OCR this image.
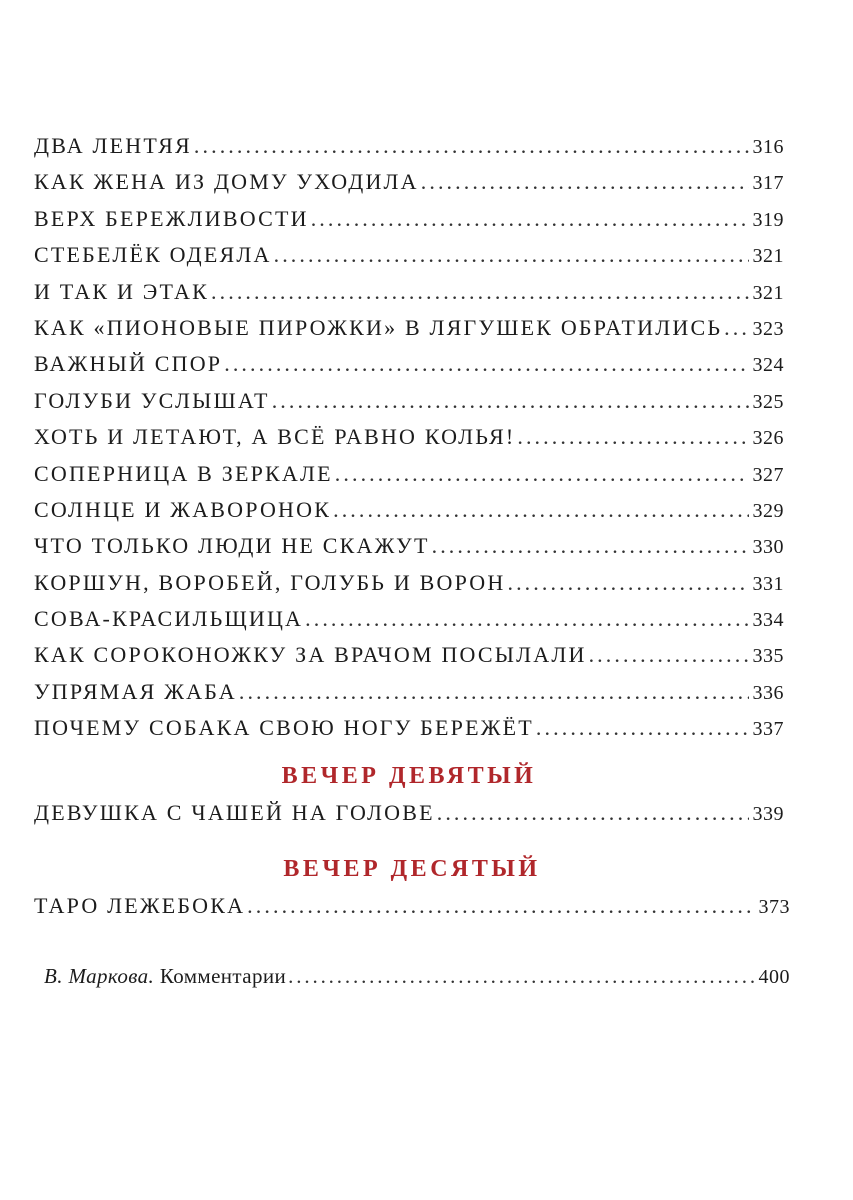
ДВА ЛЕНТЯЯ . . .	316
КАК ЖЕНА ИЗ ДОМУ УХОДИЛА . . .	317
ВЕРХ БЕРЕЖЛИВОСТИ . . .	319
СТЕБЕЛЁК ОДЕЯЛА . . .	321
И ТАК И ЭТАК . . .	321
КАК «ПИОНОВЫЕ ПИРОЖКИ» В ЛЯГУШЕК ОБРАТИЛИСЬ . . . 323
ВАЖНЫЙ СПОР . . .	324
ГОЛУБИ УСЛЫШАТ . . .	325
ХОТЬ И ЛЕТАЮТ, А ВСЁ РАВНО КОЛЬЯ! . . .	326
СОПЕРНИЦА В ЗЕРКАЛЕ . . .	327
СОЛНЦЕ И ЖАВОРОНОК . . .	329
ЧТО ТОЛЬКО ЛЮДИ НЕ СКАЖУТ . . .	330
КОРШУН, ВОРОБЕЙ, ГОЛУБЬ И ВОРОН . . .	331
СОВА-КРАСИЛЬЩИЦА . . .	334
КАК СОРОКОНОЖКУ ЗА ВРАЧОМ ПОСЫЛАЛИ . . .	335
УПРЯМАЯ ЖАБА . . .	336
ПОЧЕМУ СОБАКА СВОЮ НОГУ БЕРЕЖЁТ . . .	337
ВЕЧЕР ДЕВЯТЫЙ
ДЕВУШКА С ЧАШЕЙ НА ГОЛОВЕ . . .	339
ВЕЧЕР ДЕСЯТЫЙ
ТАРО ЛЕЖЕБОКА . . .	373
В. Маркова. Комментарии . . .	400
